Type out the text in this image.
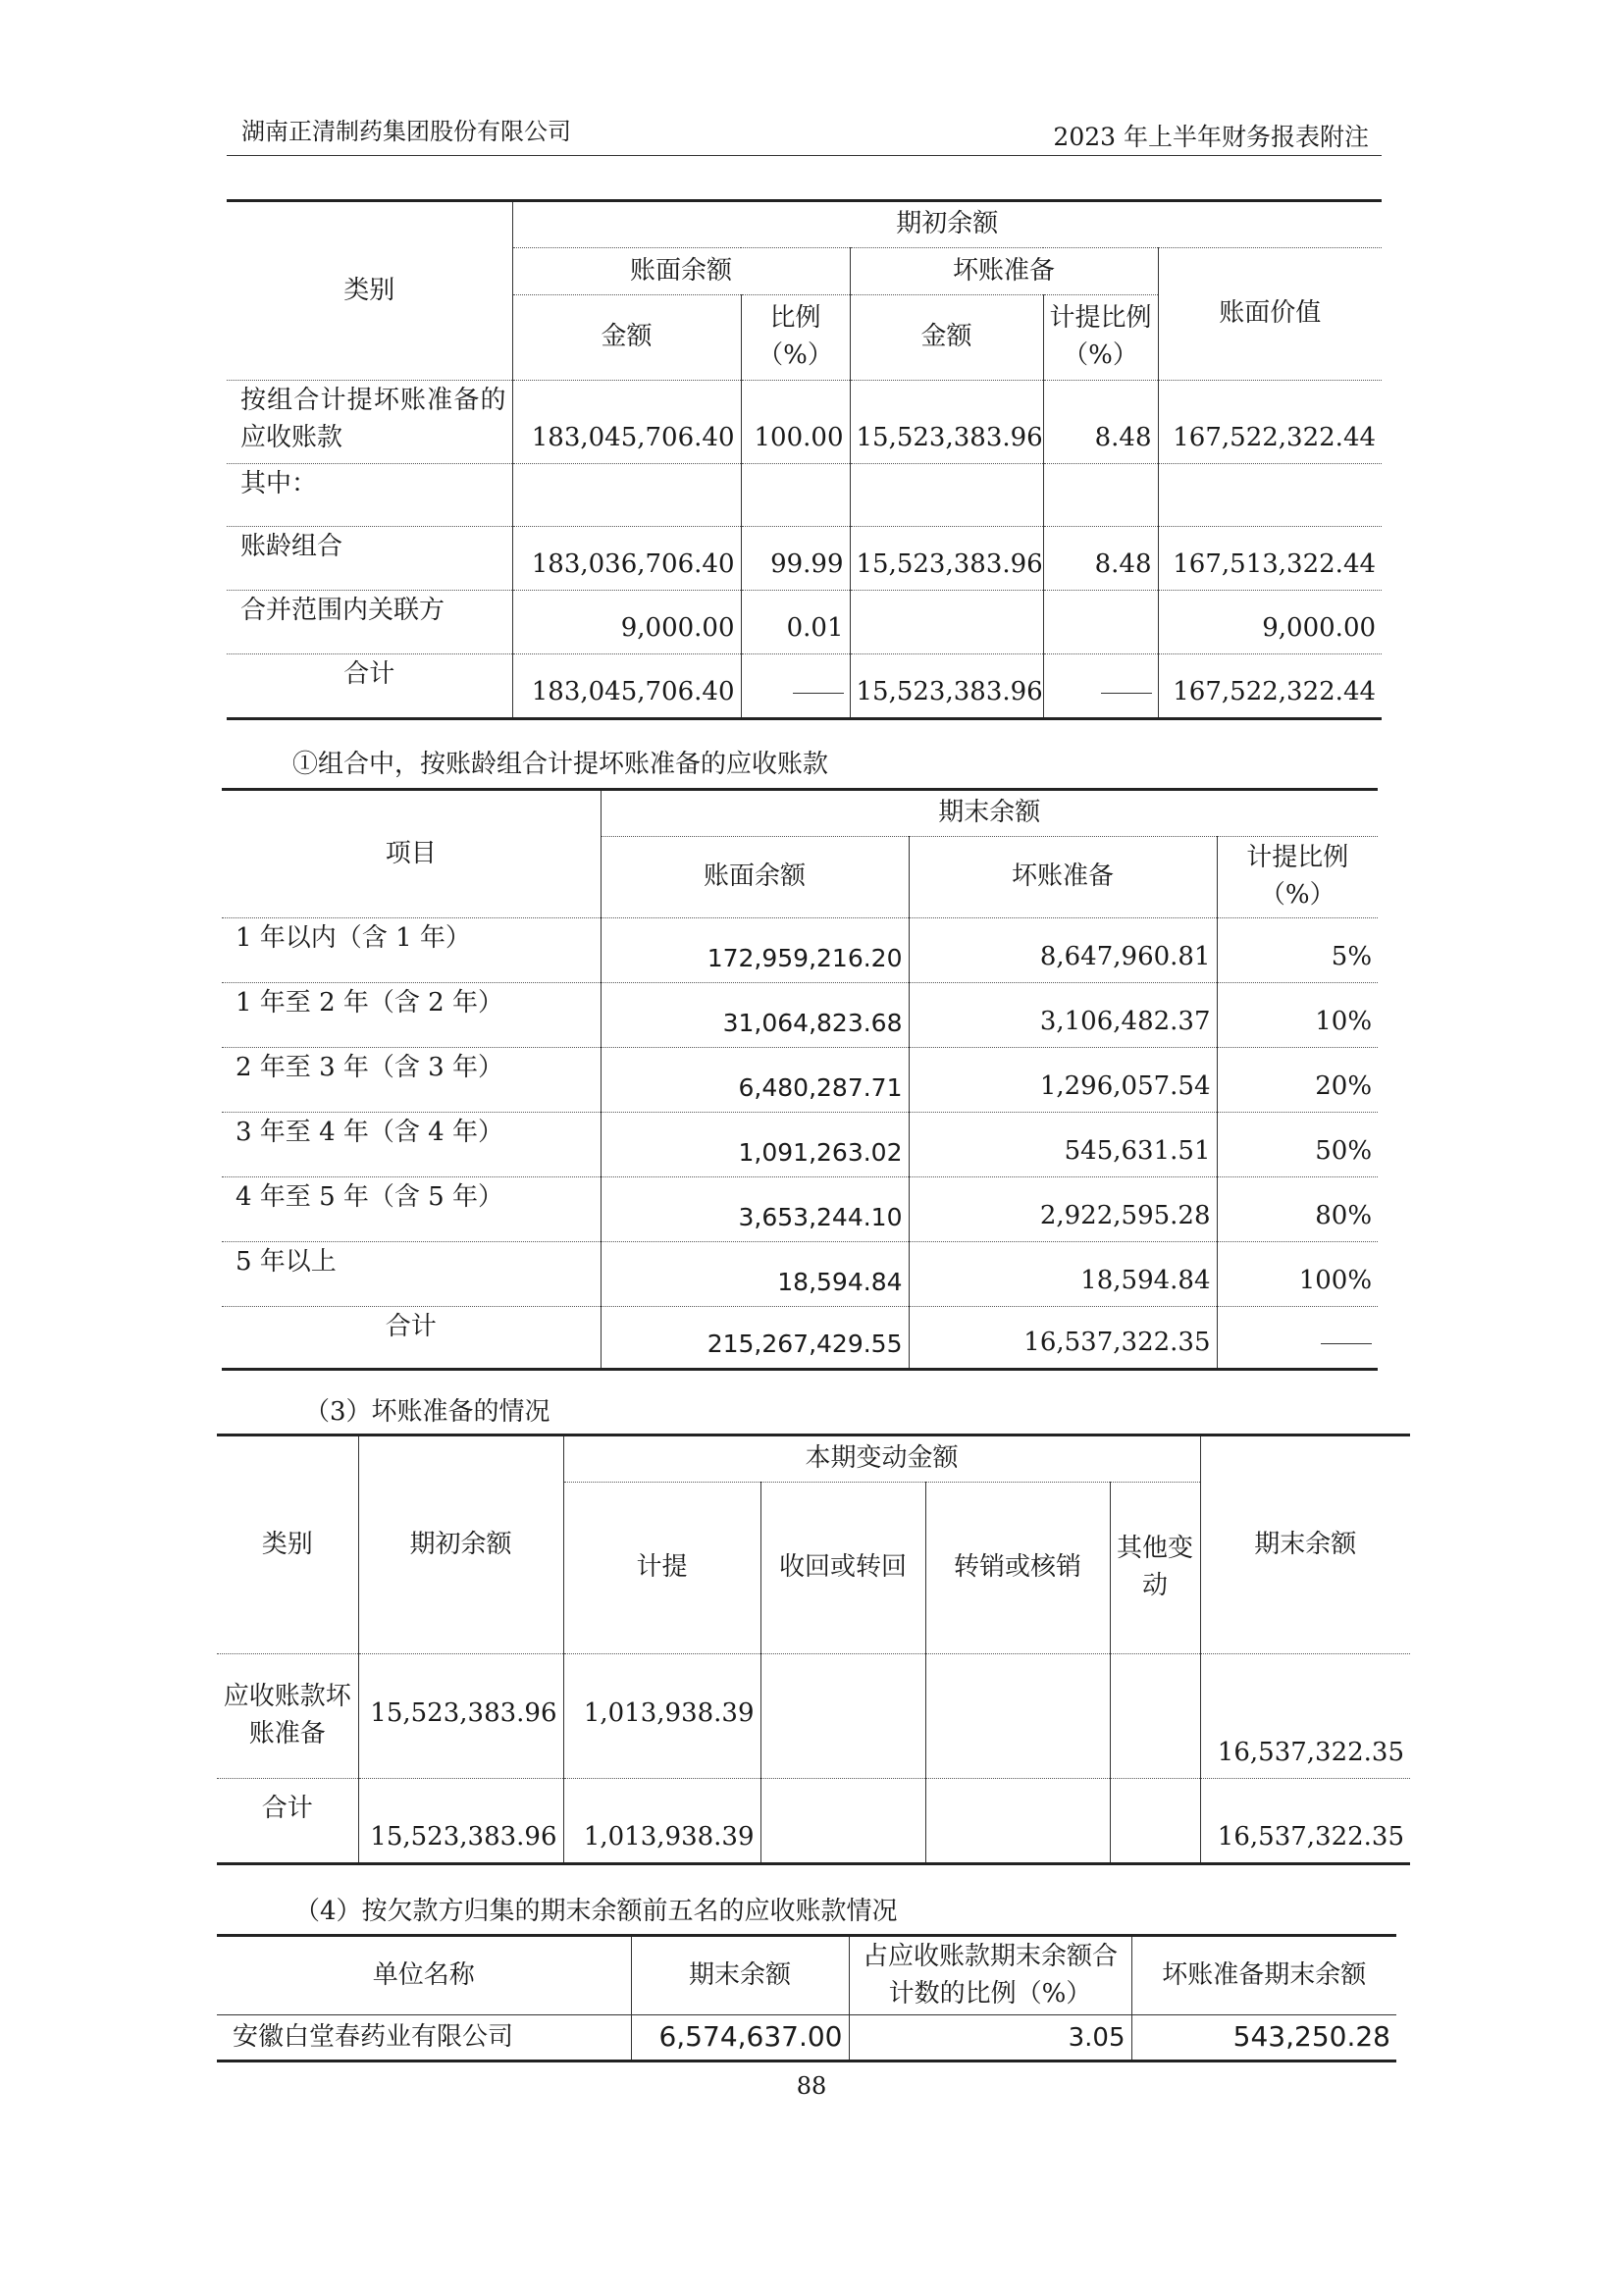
湖南正清制药集团股份有限公司	2023 年上半年财务报表附注
类别	期初余额				
	账面余额		坏账准备		账面价值
	金额	比例（%）	金额	计提比例（%）	
按组合计提坏账准备的应收账款	183,045,706.40	100.00	15,523,383.96	8.48	167,522,322.44
其中：					
账龄组合	183,036,706.40	99.99	15,523,383.96	8.48	167,513,322.44
合并范围内关联方	9,000.00	0.01			9,000.00
合计	183,045,706.40		15,523,383.96		167,522,322.44
①组合中，按账龄组合计提坏账准备的应收账款
项目	期末余额		
	账面余额	坏账准备	计提比例（%）
1 年以内（含 1 年）	172,959,216.20	8,647,960.81	5%
1 年至 2 年（含 2 年）	31,064,823.68	3,106,482.37	10%
2 年至 3 年（含 3 年）	6,480,287.71	1,296,057.54	20%
3 年至 4 年（含 4 年）	1,091,263.02	545,631.51	50%
4 年至 5 年（含 5 年）	3,653,244.10	2,922,595.28	80%
5 年以上	18,594.84	18,594.84	100%
合计	215,267,429.55	16,537,322.35	
（3）坏账准备的情况
类别	期初余额	本期变动金额				期末余额
		计提	收回或转回	转销或核销	其他变动	
应收账款坏账准备	15,523,383.96	1,013,938.39				16,537,322.35
合计	15,523,383.96	1,013,938.39				16,537,322.35
（4）按欠款方归集的期末余额前五名的应收账款情况
单位名称	期末余额	占应收账款期末余额合计数的比例（%）	坏账准备期末余额
安徽白堂春药业有限公司	6,574,637.00	3.05	543,250.28
88
